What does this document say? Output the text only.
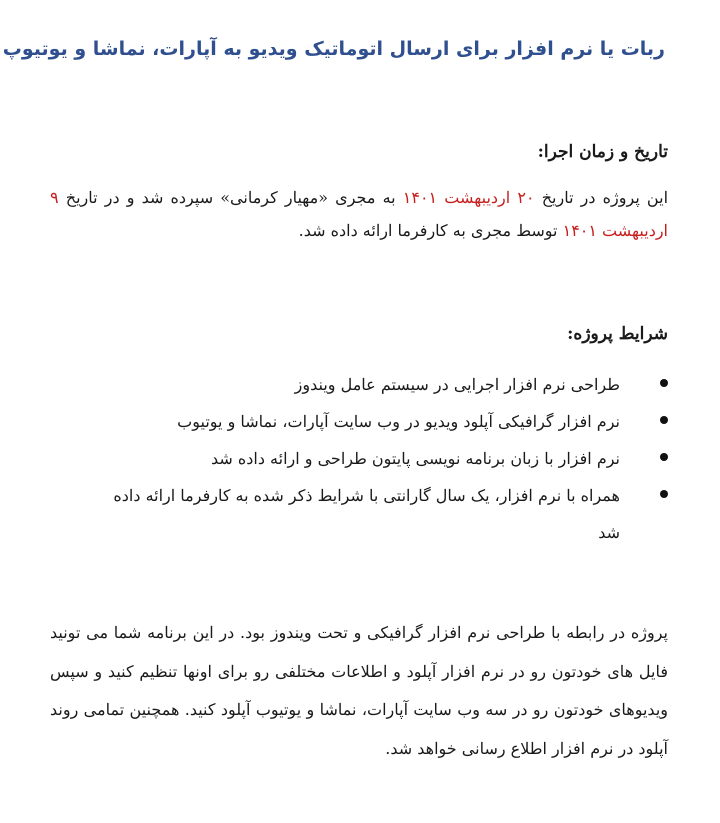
ربات یا نرم افزار برای ارسال اتوماتیک ویدیو به آپارات، نماشا و یوتیوپ
تاریخ و زمان اجرا:

این پروژه در تاریخ ۲۰ اردیبهشت ۱۴۰۱ به مجری «مهیار کرمانی» سپرده شد و در تاریخ ۹ اردیبهشت ۱۴۰۱ توسط مجری به کارفرما ارائه داده شد.

شرایط پروژه:
طراحی نرم افزار اجرایی در سیستم عامل ویندوز
نرم افزار گرافیکی آپلود ویدیو در وب سایت آپارات، نماشا و یوتیوب
نرم افزار با زبان برنامه نویسی پایتون طراحی و ارائه داده شد
همراه با نرم افزار، یک سال گارانتی با شرایط ذکر شده به کارفرما ارائه داده شد

پروژه در رابطه با طراحی نرم افزار گرافیکی و تحت ویندوز بود. در این برنامه شما می تونید فایل های خودتون رو در نرم افزار آپلود و اطلاعات مختلفی رو برای اونها تنظیم کنید و سپس ویدیوهای خودتون رو در سه وب سایت آپارات، نماشا و یوتیوب آپلود کنید. همچنین تمامی روند آپلود در نرم افزار اطلاع رسانی خواهد شد.
